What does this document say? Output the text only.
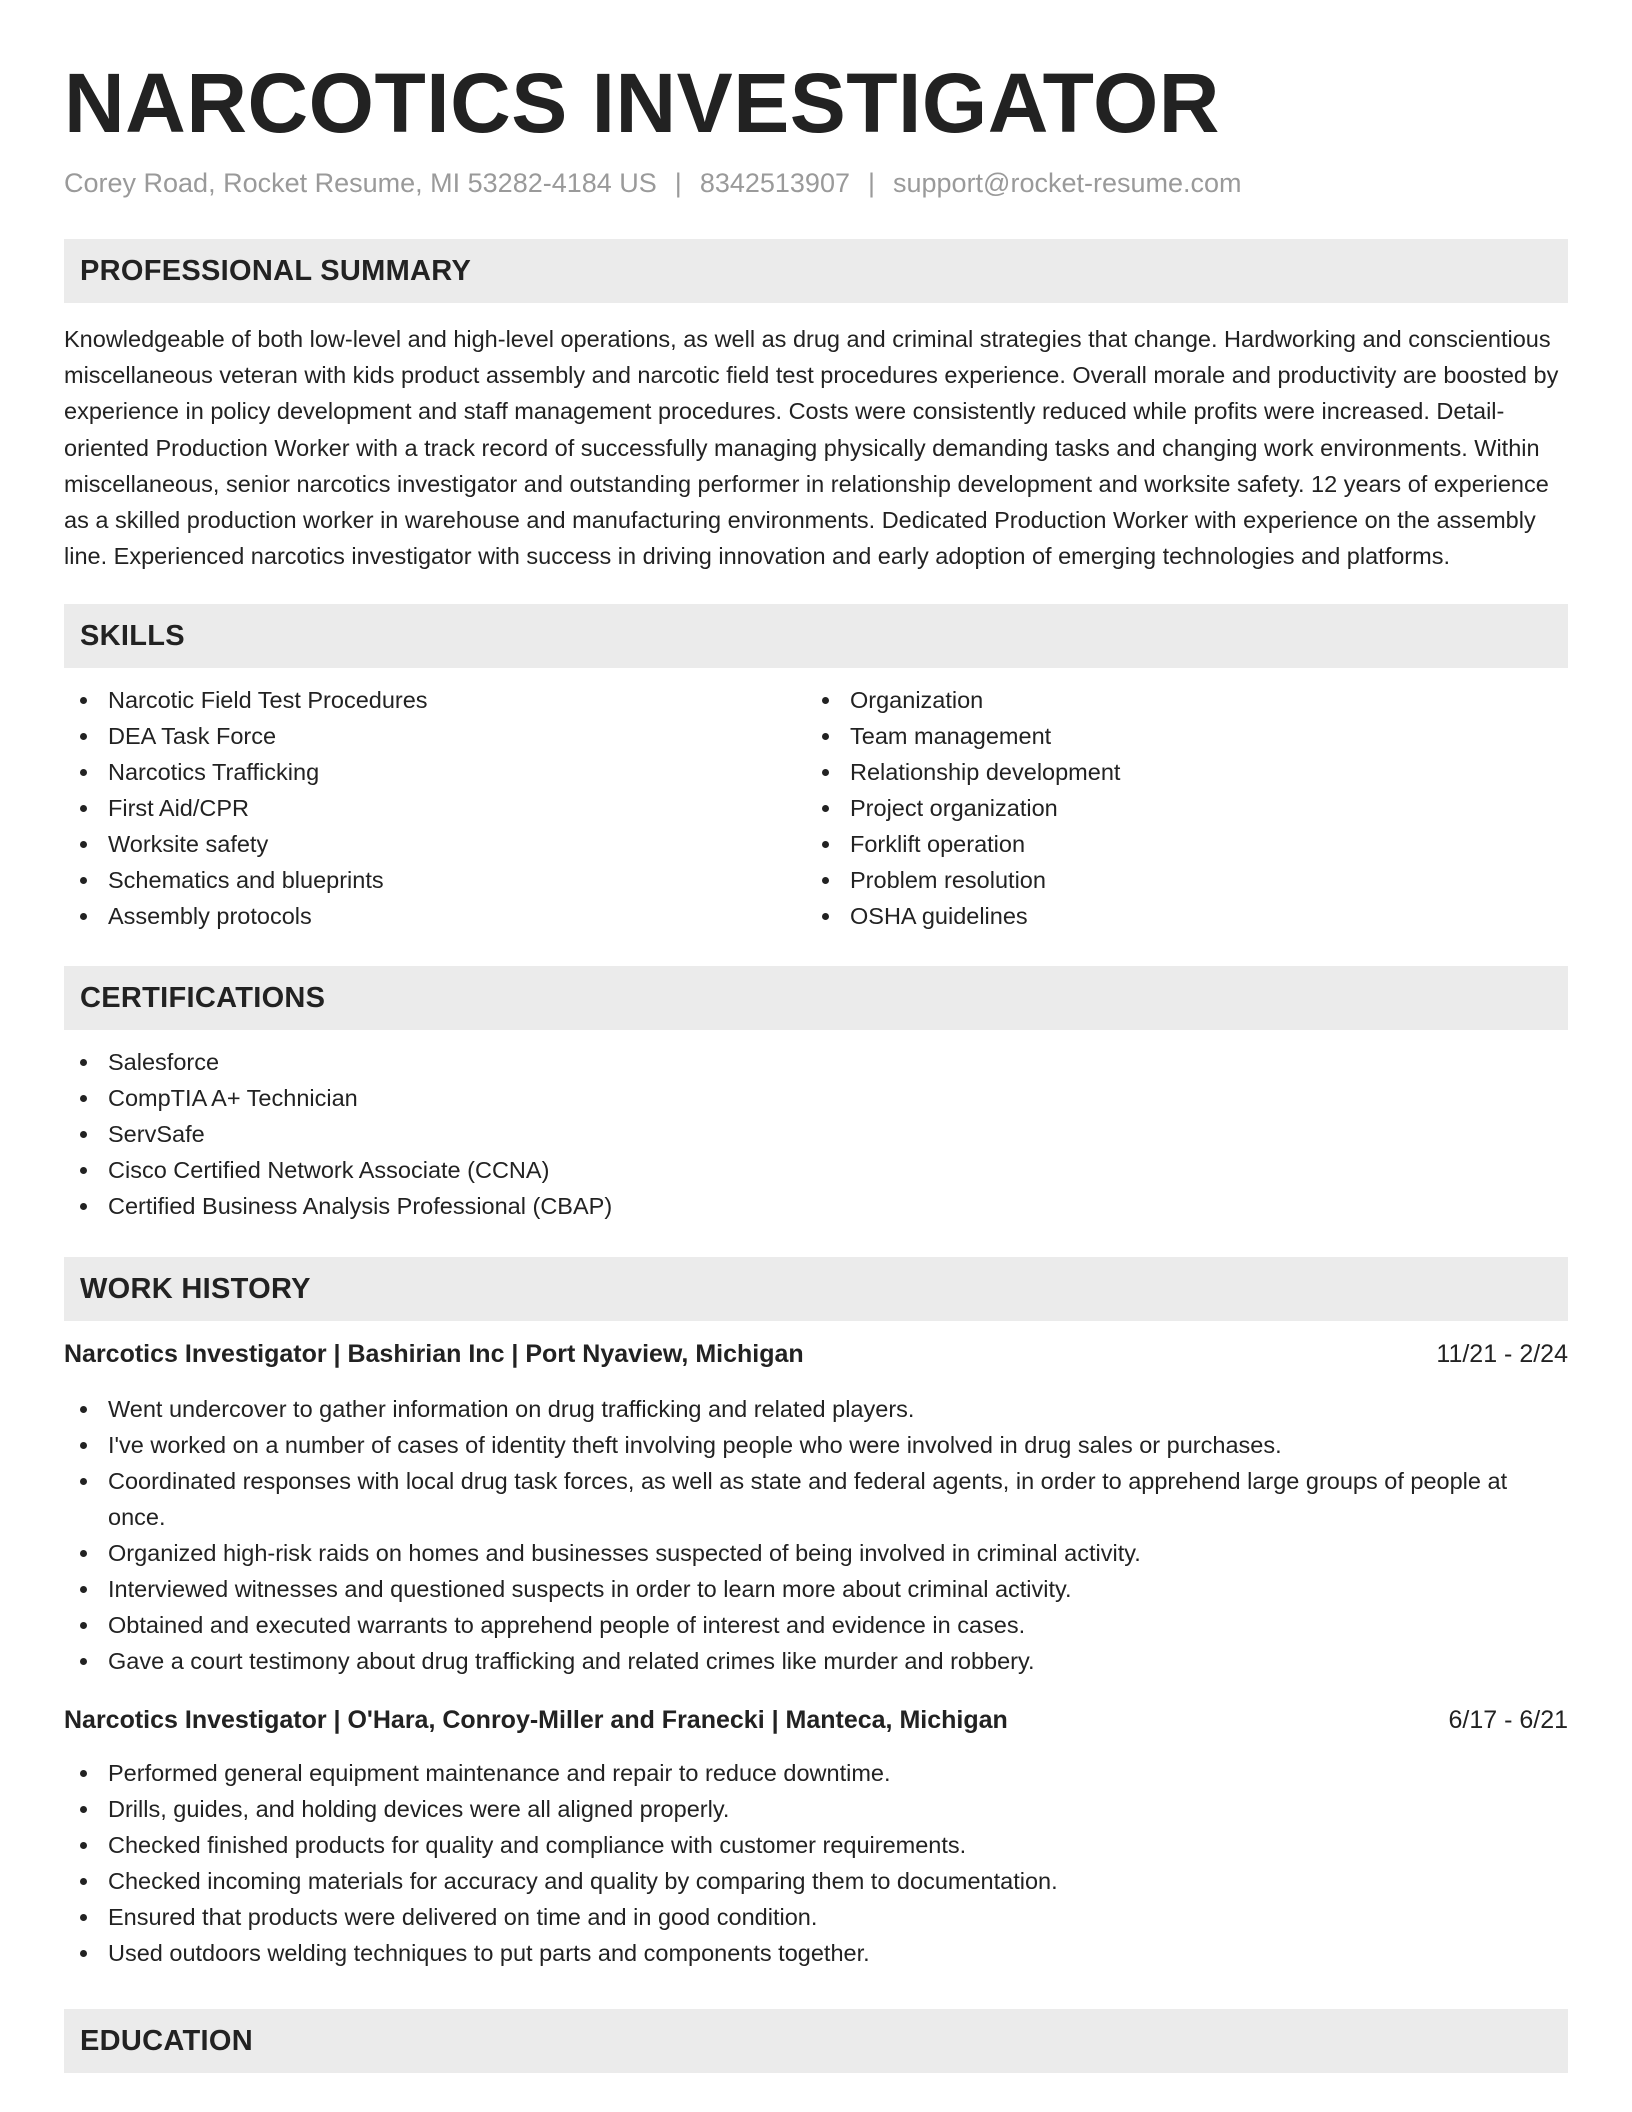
NARCOTICS INVESTIGATOR
Corey Road, Rocket Resume, MI 53282-4184 US | 8342513907 | support@rocket-resume.com
PROFESSIONAL SUMMARY

Knowledgeable of both low-level and high-level operations, as well as drug and criminal strategies that change. Hardworking and conscientious miscellaneous veteran with kids product assembly and narcotic field test procedures experience. Overall morale and productivity are boosted by experience in policy development and staff management procedures. Costs were consistently reduced while profits were increased. Detail-oriented Production Worker with a track record of successfully managing physically demanding tasks and changing work environments. Within miscellaneous, senior narcotics investigator and outstanding performer in relationship development and worksite safety. 12 years of experience as a skilled production worker in warehouse and manufacturing environments. Dedicated Production Worker with experience on the assembly line. Experienced narcotics investigator with success in driving innovation and early adoption of emerging technologies and platforms.

SKILLS
Narcotic Field Test Procedures
DEA Task Force
Narcotics Trafficking
First Aid/CPR
Worksite safety
Schematics and blueprints
Assembly protocols
Organization
Team management
Relationship development
Project organization
Forklift operation
Problem resolution
OSHA guidelines
CERTIFICATIONS
Salesforce
CompTIA A+ Technician
ServSafe
Cisco Certified Network Associate (CCNA)
Certified Business Analysis Professional (CBAP)
WORK HISTORY
Narcotics Investigator | Bashirian Inc | Port Nyaview, Michigan	11/21 - 2/24
Went undercover to gather information on drug trafficking and related players.
I've worked on a number of cases of identity theft involving people who were involved in drug sales or purchases.
Coordinated responses with local drug task forces, as well as state and federal agents, in order to apprehend large groups of people at once.
Organized high-risk raids on homes and businesses suspected of being involved in criminal activity.
Interviewed witnesses and questioned suspects in order to learn more about criminal activity.
Obtained and executed warrants to apprehend people of interest and evidence in cases.
Gave a court testimony about drug trafficking and related crimes like murder and robbery.
Narcotics Investigator | O'Hara, Conroy-Miller and Franecki | Manteca, Michigan	6/17 - 6/21
Performed general equipment maintenance and repair to reduce downtime.
Drills, guides, and holding devices were all aligned properly.
Checked finished products for quality and compliance with customer requirements.
Checked incoming materials for accuracy and quality by comparing them to documentation.
Ensured that products were delivered on time and in good condition.
Used outdoors welding techniques to put parts and components together.
EDUCATION
